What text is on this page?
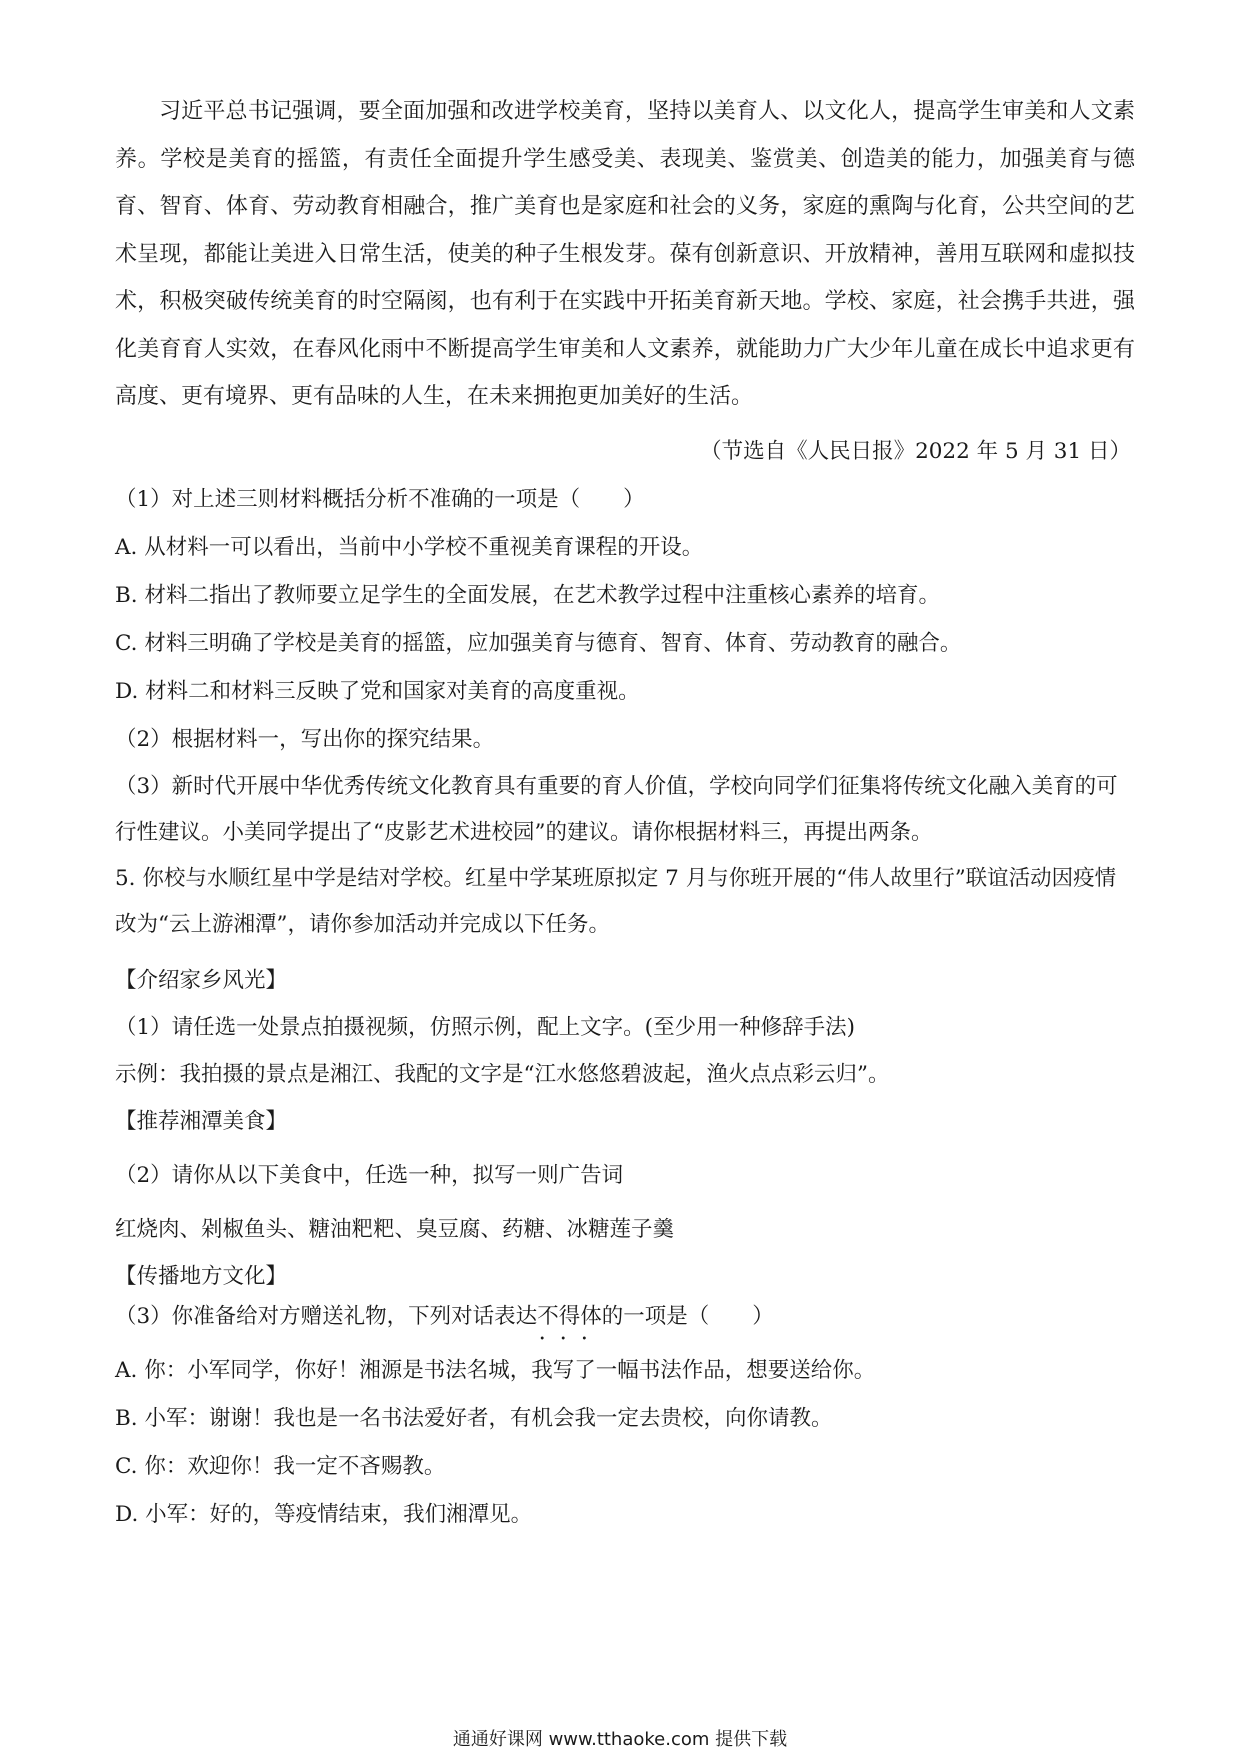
习近平总书记强调，要全面加强和改进学校美育，坚持以美育人、以文化人，提高学生审美和人文素养。学校是美育的摇篮，有责任全面提升学生感受美、表现美、鉴赏美、创造美的能力，加强美育与德育、智育、体育、劳动教育相融合，推广美育也是家庭和社会的义务，家庭的熏陶与化育，公共空间的艺术呈现，都能让美进入日常生活，使美的种子生根发芽。葆有创新意识、开放精神，善用互联网和虚拟技术，积极突破传统美育的时空隔阂，也有利于在实践中开拓美育新天地。学校、家庭，社会携手共进，强化美育育人实效，在春风化雨中不断提高学生审美和人文素养，就能助力广大少年儿童在成长中追求更有高度、更有境界、更有品味的人生，在未来拥抱更加美好的生活。

（节选自《人民日报》2022 年 5 月 31 日）

（1）对上述三则材料概括分析不准确的一项是（　　）

A. 从材料一可以看出，当前中小学校不重视美育课程的开设。

B. 材料二指出了教师要立足学生的全面发展，在艺术教学过程中注重核心素养的培育。

C. 材料三明确了学校是美育的摇篮，应加强美育与德育、智育、体育、劳动教育的融合。

D. 材料二和材料三反映了党和国家对美育的高度重视。

（2）根据材料一，写出你的探究结果。

（3）新时代开展中华优秀传统文化教育具有重要的育人价值，学校向同学们征集将传统文化融入美育的可行性建议。小美同学提出了“皮影艺术进校园”的建议。请你根据材料三，再提出两条。

5. 你校与水顺红星中学是结对学校。红星中学某班原拟定 7 月与你班开展的“伟人故里行”联谊活动因疫情改为“云上游湘潭”，请你参加活动并完成以下任务。

【介绍家乡风光】

（1）请任选一处景点拍摄视频，仿照示例，配上文字。(至少用一种修辞手法)

示例：我拍摄的景点是湘江、我配的文字是“江水悠悠碧波起，渔火点点彩云归”。

【推荐湘潭美食】

（2）请你从以下美食中，任选一种，拟写一则广告词

红烧肉、剁椒鱼头、糖油粑粑、臭豆腐、药糖、冰糖莲子羹

【传播地方文化】

（3）你准备给对方赠送礼物，下列对话表达不得体 • • •的一项是（　　）

A. 你：小军同学，你好！湘源是书法名城，我写了一幅书法作品，想要送给你。

B. 小军：谢谢！我也是一名书法爱好者，有机会我一定去贵校，向你请教。

C. 你：欢迎你！我一定不吝赐教。

D. 小军：好的，等疫情结束，我们湘潭见。

通通好课网 www.tthaoke.com 提供下载
